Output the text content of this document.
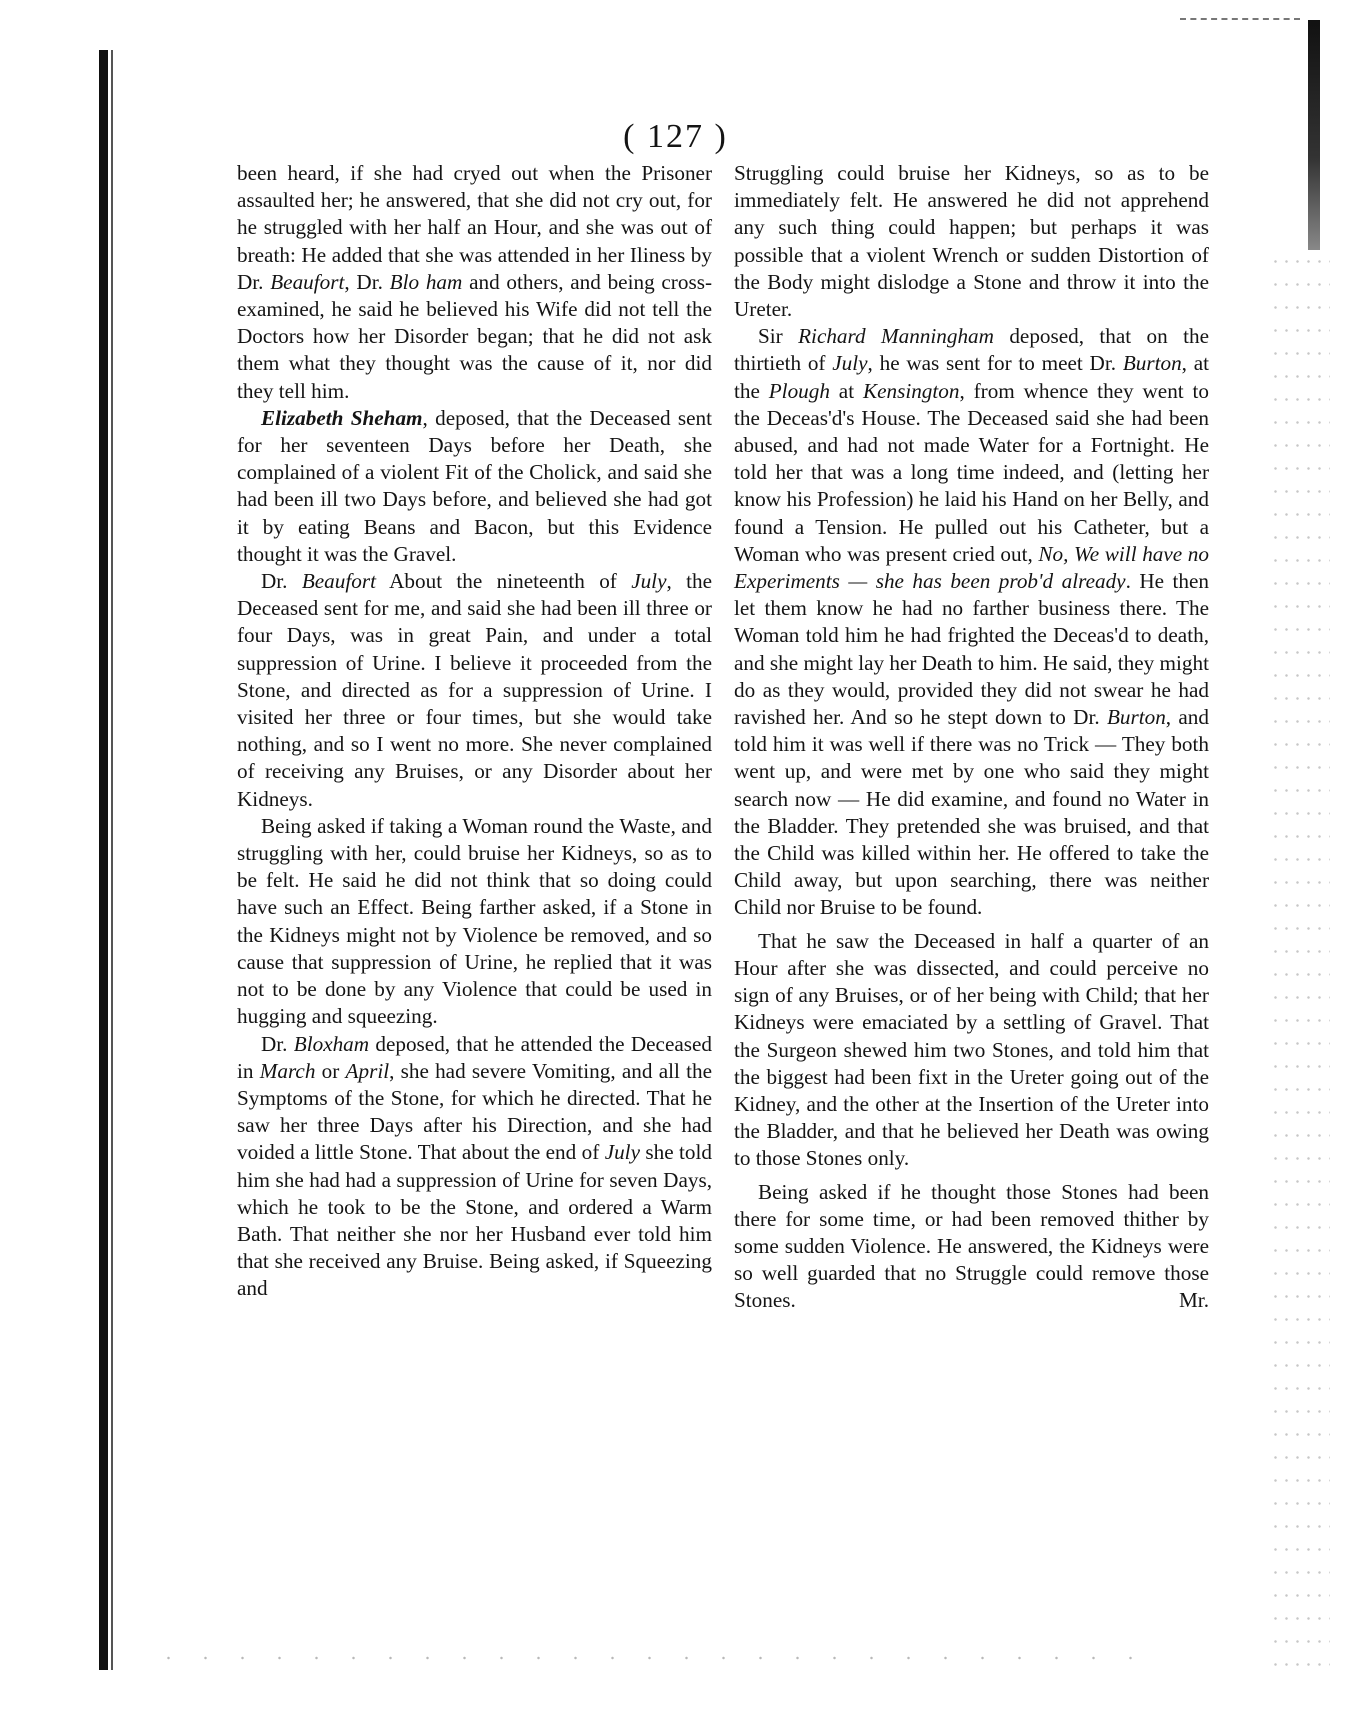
( 127 )

been heard, if she had cryed out when the Prisoner assaulted her; he answered, that she did not cry out, for he struggled with her half an Hour, and she was out of breath: He added that she was attended in her Iliness by Dr. Beaufort, Dr. Blo ham and others, and being cross-examined, he said he believed his Wife did not tell the Doctors how her Disorder began; that he did not ask them what they thought was the cause of it, nor did they tell him.

Elizabeth Sheham, deposed, that the Deceased sent for her seventeen Days before her Death, she complained of a violent Fit of the Cholick, and said she had been ill two Days before, and believed she had got it by eating Beans and Bacon, but this Evidence thought it was the Gravel.

Dr. Beaufort About the nineteenth of July, the Deceased sent for me, and said she had been ill three or four Days, was in great Pain, and under a total suppression of Urine. I believe it proceeded from the Stone, and directed as for a suppression of Urine. I visited her three or four times, but she would take nothing, and so I went no more. She never complained of receiving any Bruises, or any Disorder about her Kidneys.

Being asked if taking a Woman round the Waste, and struggling with her, could bruise her Kidneys, so as to be felt. He said he did not think that so doing could have such an Effect. Being farther asked, if a Stone in the Kidneys might not by Violence be removed, and so cause that suppression of Urine, he replied that it was not to be done by any Violence that could be used in hugging and squeezing.

Dr. Bloxham deposed, that he attended the Deceased in March or April, she had severe Vomiting, and all the Symptoms of the Stone, for which he directed. That he saw her three Days after his Direction, and she had voided a little Stone. That about the end of July she told him she had had a suppression of Urine for seven Days, which he took to be the Stone, and ordered a Warm Bath. That neither she nor her Husband ever told him that she received any Bruise. Being asked, if Squeezing and

Struggling could bruise her Kidneys, so as to be immediately felt. He answered he did not apprehend any such thing could happen; but perhaps it was possible that a violent Wrench or sudden Distortion of the Body might dislodge a Stone and throw it into the Ureter.

Sir Richard Manningham deposed, that on the thirtieth of July, he was sent for to meet Dr. Burton, at the Plough at Kensington, from whence they went to the Deceas'd's House. The Deceased said she had been abused, and had not made Water for a Fortnight. He told her that was a long time indeed, and (letting her know his Profession) he laid his Hand on her Belly, and found a Tension. He pulled out his Catheter, but a Woman who was present cried out, No, We will have no Experiments — she has been prob'd already. He then let them know he had no farther business there. The Woman told him he had frighted the Deceas'd to death, and she might lay her Death to him. He said, they might do as they would, provided they did not swear he had ravished her. And so he stept down to Dr. Burton, and told him it was well if there was no Trick — They both went up, and were met by one who said they might search now — He did examine, and found no Water in the Bladder. They pretended she was bruised, and that the Child was killed within her. He offered to take the Child away, but upon searching, there was neither Child nor Bruise to be found.

That he saw the Deceased in half a quarter of an Hour after she was dissected, and could perceive no sign of any Bruises, or of her being with Child; that her Kidneys were emaciated by a settling of Gravel. That the Surgeon shewed him two Stones, and told him that the biggest had been fixt in the Ureter going out of the Kidney, and the other at the Insertion of the Ureter into the Bladder, and that he believed her Death was owing to those Stones only.

Being asked if he thought those Stones had been there for some time, or had been removed thither by some sudden Violence. He answered, the Kidneys were so well guarded that no Struggle could remove those Stones.	Mr.
